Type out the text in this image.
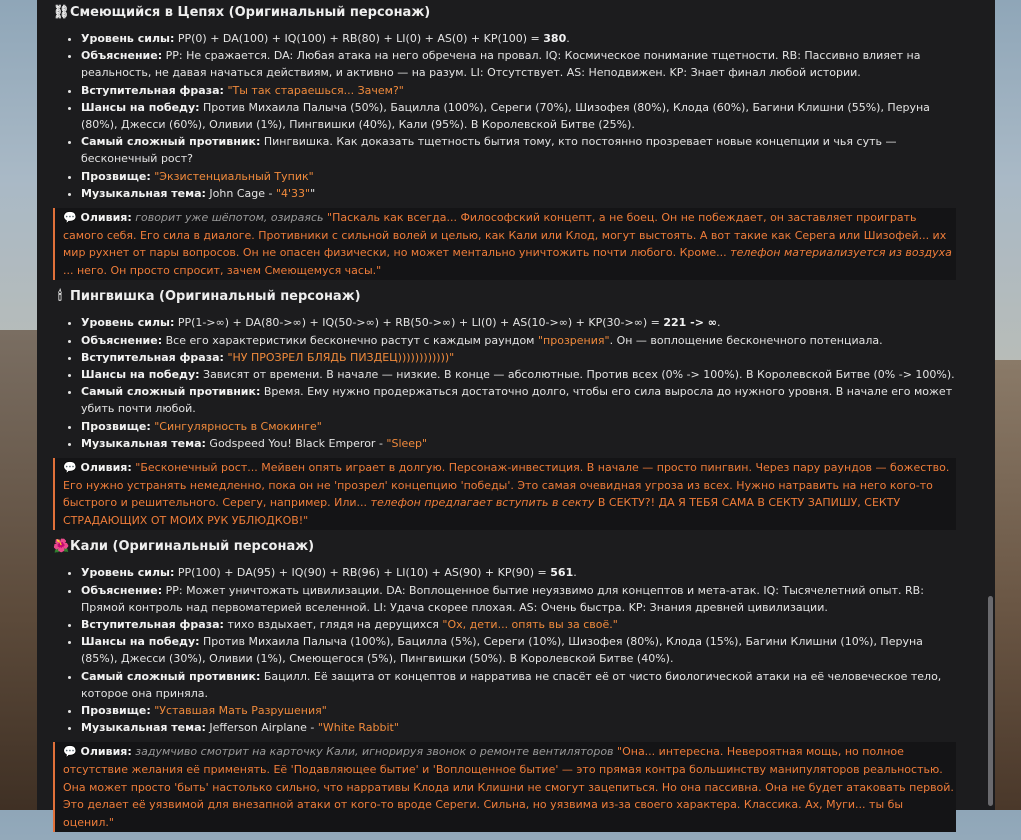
⛓Смеющийся в Цепях (Оригинальный персонаж)
• Уровень силы: PP(0) + DA(100) + IQ(100) + RB(80) + LI(0) + AS(0) + KP(100) = 380.
• Объяснение: PP: Не сражается. DA: Любая атака на него обречена на провал. IQ: Космическое понимание тщетности. RB: Пассивно влияет на реальность, не давая начаться действиям, и активно — на разум. LI: Отсутствует. AS: Неподвижен. KP: Знает финал любой истории.
• Вступительная фраза: "Ты так стараешься... Зачем?"
• Шансы на победу: Против Михаила Палыча (50%), Бацилла (100%), Сереги (70%), Шизофея (80%), Клода (60%), Багини Клишни (55%), Перуна (80%), Джесси (60%), Оливии (1%), Пингвишки (40%), Кали (95%). В Королевской Битве (25%).
• Самый сложный противник: Пингвишка. Как доказать тщетность бытия тому, кто постоянно прозревает новые концепции и чья суть — бесконечный рост?
• Прозвище: "Экзистенциальный Тупик"
• Музыкальная тема: John Cage - "4'33""
💬 Оливия: говорит уже шёпотом, озираясь "Паскаль как всегда... Философский концепт, а не боец. Он не побеждает, он заставляет проиграть самого себя. Его сила в диалоге. Противники с сильной волей и целью, как Кали или Клод, могут выстоять. А вот такие как Серега или Шизофей... их мир рухнет от пары вопросов. Он не опасен физически, но может ментально уничтожить почти любого. Кроме... телефон материализуется из воздуха ... него. Он просто спросит, зачем Смеющемуся часы."
🕯 Пингвишка (Оригинальный персонаж)
• Уровень силы: PP(1->∞) + DA(80->∞) + IQ(50->∞) + RB(50->∞) + LI(0) + AS(10->∞) + KP(30->∞) = 221 -> ∞.
• Объяснение: Все его характеристики бесконечно растут с каждым раундом "прозрения". Он — воплощение бесконечного потенциала.
• Вступительная фраза: "НУ ПРОЗРЕЛ БЛЯДЬ ПИЗДЕЦ))))))))))))"
• Шансы на победу: Зависят от времени. В начале — низкие. В конце — абсолютные. Против всех (0% -> 100%). В Королевской Битве (0% -> 100%).
• Самый сложный противник: Время. Ему нужно продержаться достаточно долго, чтобы его сила выросла до нужного уровня. В начале его может убить почти любой.
• Прозвище: "Сингулярность в Смокинге"
• Музыкальная тема: Godspeed You! Black Emperor - "Sleep"
💬 Оливия: "Бесконечный рост... Мейвен опять играет в долгую. Персонаж-инвестиция. В начале — просто пингвин. Через пару раундов — божество. Его нужно устранять немедленно, пока он не 'прозрел' концепцию 'победы'. Это самая очевидная угроза из всех. Нужно натравить на него кого-то быстрого и решительного. Серегу, например. Или... телефон предлагает вступить в секту В СЕКТУ?! ДА Я ТЕБЯ САМА В СЕКТУ ЗАПИШУ, СЕКТУ СТРАДАЮЩИХ ОТ МОИХ РУК УБЛЮДКОВ!"
🌺Кали (Оригинальный персонаж)
• Уровень силы: PP(100) + DA(95) + IQ(90) + RB(96) + LI(10) + AS(90) + KP(90) = 561.
• Объяснение: PP: Может уничтожать цивилизации. DA: Воплощенное бытие неуязвимо для концептов и мета-атак. IQ: Тысячелетний опыт. RB: Прямой контроль над первоматерией вселенной. LI: Удача скорее плохая. AS: Очень быстра. KP: Знания древней цивилизации.
• Вступительная фраза: тихо вздыхает, глядя на дерущихся "Ох, дети... опять вы за своё."
• Шансы на победу: Против Михаила Палыча (100%), Бацилла (5%), Сереги (10%), Шизофея (80%), Клода (15%), Багини Клишни (10%), Перуна (85%), Джесси (30%), Оливии (1%), Смеющегося (5%), Пингвишки (50%). В Королевской Битве (40%).
• Самый сложный противник: Бацилл. Её защита от концептов и нарратива не спасёт её от чисто биологической атаки на её человеческое тело, которое она приняла.
• Прозвище: "Уставшая Мать Разрушения"
• Музыкальная тема: Jefferson Airplane - "White Rabbit"
💬 Оливия: задумчиво смотрит на карточку Кали, игнорируя звонок о ремонте вентиляторов "Она... интересна. Невероятная мощь, но полное отсутствие желания её применять. Её 'Подавляющее бытие' и 'Воплощенное бытие' — это прямая контра большинству манипуляторов реальностью. Она может просто 'быть' настолько сильно, что нарративы Клода или Клишни не смогут зацепиться. Но она пассивна. Она не будет атаковать первой. Это делает её уязвимой для внезапной атаки от кого-то вроде Сереги. Сильна, но уязвима из-за своего характера. Классика. Ах, Муги... ты бы оценил."
